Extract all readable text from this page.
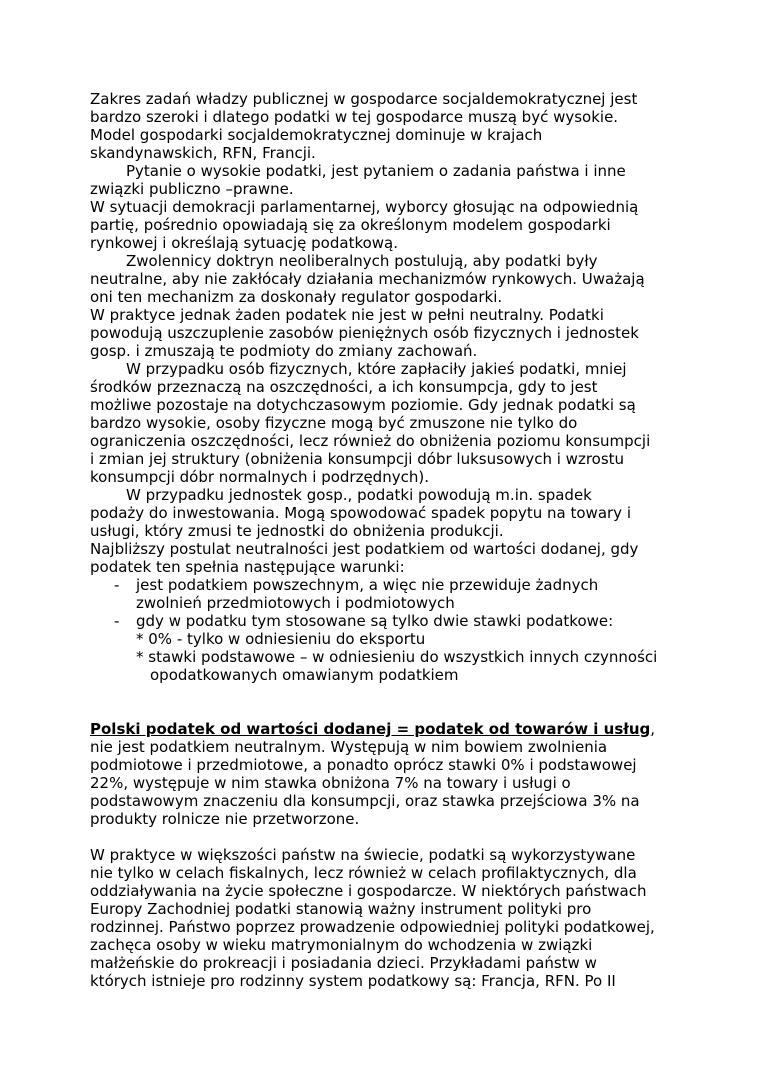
Zakres zadań władzy publicznej w gospodarce socjaldemokratycznej jest
bardzo szeroki i dlatego podatki w tej gospodarce muszą być wysokie.
Model gospodarki socjaldemokratycznej dominuje w krajach
skandynawskich, RFN, Francji.
Pytanie o wysokie podatki, jest pytaniem o zadania państwa i inne
związki publiczno –prawne.
W sytuacji demokracji parlamentarnej, wyborcy głosując na odpowiednią
partię, pośrednio opowiadają się za określonym modelem gospodarki
rynkowej i określają sytuację podatkową.
Zwolennicy doktryn neoliberalnych postulują, aby podatki były
neutralne, aby nie zakłócały działania mechanizmów rynkowych. Uważają
oni ten mechanizm za doskonały regulator gospodarki.
W praktyce jednak żaden podatek nie jest w pełni neutralny. Podatki
powodują uszczuplenie zasobów pieniężnych osób fizycznych i jednostek
gosp. i zmuszają te podmioty do zmiany zachowań.
W przypadku osób fizycznych, które zapłaciły jakieś podatki, mniej
środków przeznaczą na oszczędności, a ich konsumpcja, gdy to jest
możliwe pozostaje na dotychczasowym poziomie. Gdy jednak podatki są
bardzo wysokie, osoby fizyczne mogą być zmuszone nie tylko do
ograniczenia oszczędności, lecz również do obniżenia poziomu konsumpcji
i zmian jej struktury (obniżenia konsumpcji dóbr luksusowych i wzrostu
konsumpcji dóbr normalnych i podrzędnych).
W przypadku jednostek gosp., podatki powodują m.in. spadek
podaży do inwestowania. Mogą spowodować spadek popytu na towary i
usługi, który zmusi te jednostki do obniżenia produkcji.
Najbliższy postulat neutralności jest podatkiem od wartości dodanej, gdy
podatek ten spełnia następujące warunki:
- jest podatkiem powszechnym, a więc nie przewiduje żadnych
zwolnień przedmiotowych i podmiotowych
- gdy w podatku tym stosowane są tylko dwie stawki podatkowe:
* 0% - tylko w odniesieniu do eksportu
* stawki podstawowe – w odniesieniu do wszystkich innych czynności
opodatkowanych omawianym podatkiem
Polski podatek od wartości dodanej = podatek od towarów i usług,
nie jest podatkiem neutralnym. Występują w nim bowiem zwolnienia
podmiotowe i przedmiotowe, a ponadto oprócz stawki 0% i podstawowej
22%, występuje w nim stawka obniżona 7% na towary i usługi o
podstawowym znaczeniu dla konsumpcji, oraz stawka przejściowa 3% na
produkty rolnicze nie przetworzone.
W praktyce w większości państw na świecie, podatki są wykorzystywane
nie tylko w celach fiskalnych, lecz również w celach profilaktycznych, dla
oddziaływania na życie społeczne i gospodarcze. W niektórych państwach
Europy Zachodniej podatki stanowią ważny instrument polityki pro
rodzinnej. Państwo poprzez prowadzenie odpowiedniej polityki podatkowej,
zachęca osoby w wieku matrymonialnym do wchodzenia w związki
małżeńskie do prokreacji i posiadania dzieci. Przykładami państw w
których istnieje pro rodzinny system podatkowy są: Francja, RFN. Po II
